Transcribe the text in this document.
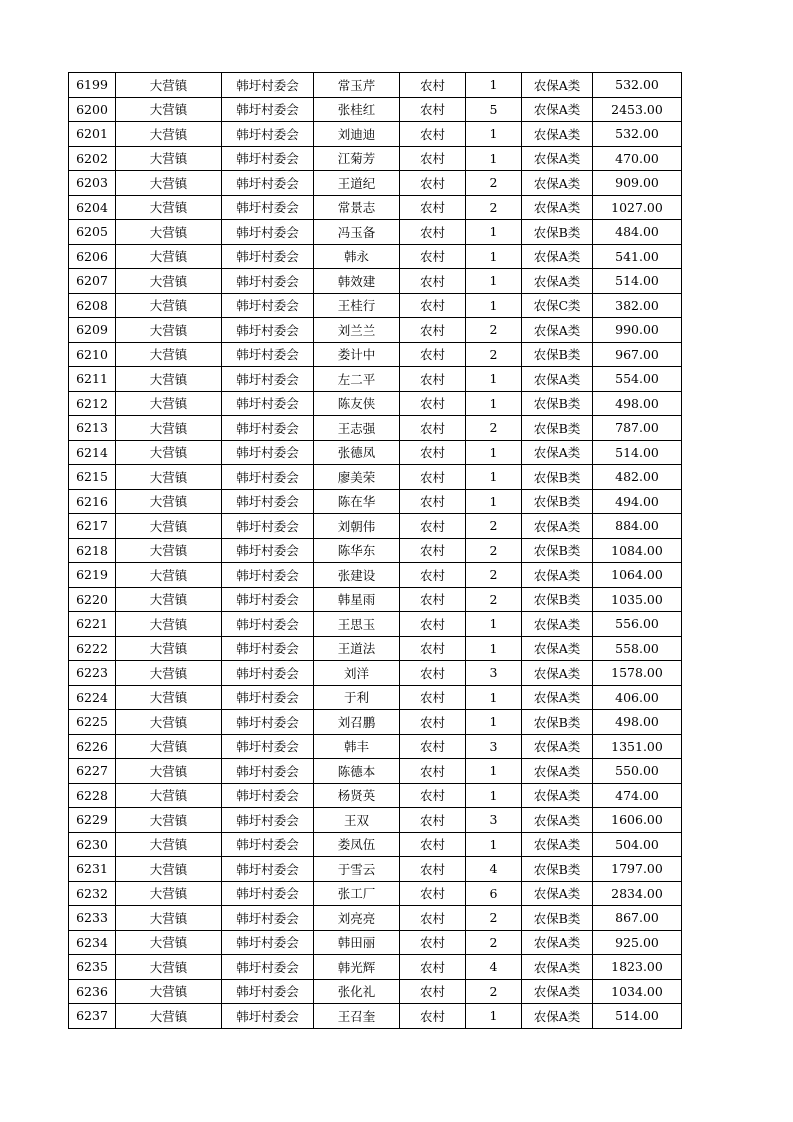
6199	大营镇	韩圩村委会	常玉芹	农村	1	农保A类	532.00
6200	大营镇	韩圩村委会	张桂红	农村	5	农保A类	2453.00
6201	大营镇	韩圩村委会	刘迪迪	农村	1	农保A类	532.00
6202	大营镇	韩圩村委会	江菊芳	农村	1	农保A类	470.00
6203	大营镇	韩圩村委会	王道纪	农村	2	农保A类	909.00
6204	大营镇	韩圩村委会	常景志	农村	2	农保A类	1027.00
6205	大营镇	韩圩村委会	冯玉备	农村	1	农保B类	484.00
6206	大营镇	韩圩村委会	韩永	农村	1	农保A类	541.00
6207	大营镇	韩圩村委会	韩效建	农村	1	农保A类	514.00
6208	大营镇	韩圩村委会	王桂行	农村	1	农保C类	382.00
6209	大营镇	韩圩村委会	刘兰兰	农村	2	农保A类	990.00
6210	大营镇	韩圩村委会	娄计中	农村	2	农保B类	967.00
6211	大营镇	韩圩村委会	左二平	农村	1	农保A类	554.00
6212	大营镇	韩圩村委会	陈友侠	农村	1	农保B类	498.00
6213	大营镇	韩圩村委会	王志强	农村	2	农保B类	787.00
6214	大营镇	韩圩村委会	张德凤	农村	1	农保A类	514.00
6215	大营镇	韩圩村委会	廖美荣	农村	1	农保B类	482.00
6216	大营镇	韩圩村委会	陈在华	农村	1	农保B类	494.00
6217	大营镇	韩圩村委会	刘朝伟	农村	2	农保A类	884.00
6218	大营镇	韩圩村委会	陈华东	农村	2	农保B类	1084.00
6219	大营镇	韩圩村委会	张建设	农村	2	农保A类	1064.00
6220	大营镇	韩圩村委会	韩星雨	农村	2	农保B类	1035.00
6221	大营镇	韩圩村委会	王思玉	农村	1	农保A类	556.00
6222	大营镇	韩圩村委会	王道法	农村	1	农保A类	558.00
6223	大营镇	韩圩村委会	刘洋	农村	3	农保A类	1578.00
6224	大营镇	韩圩村委会	于利	农村	1	农保A类	406.00
6225	大营镇	韩圩村委会	刘召鹏	农村	1	农保B类	498.00
6226	大营镇	韩圩村委会	韩丰	农村	3	农保A类	1351.00
6227	大营镇	韩圩村委会	陈德本	农村	1	农保A类	550.00
6228	大营镇	韩圩村委会	杨贤英	农村	1	农保A类	474.00
6229	大营镇	韩圩村委会	王双	农村	3	农保A类	1606.00
6230	大营镇	韩圩村委会	娄凤伍	农村	1	农保A类	504.00
6231	大营镇	韩圩村委会	于雪云	农村	4	农保B类	1797.00
6232	大营镇	韩圩村委会	张工厂	农村	6	农保A类	2834.00
6233	大营镇	韩圩村委会	刘亮亮	农村	2	农保B类	867.00
6234	大营镇	韩圩村委会	韩田丽	农村	2	农保A类	925.00
6235	大营镇	韩圩村委会	韩光辉	农村	4	农保A类	1823.00
6236	大营镇	韩圩村委会	张化礼	农村	2	农保A类	1034.00
6237	大营镇	韩圩村委会	王召奎	农村	1	农保A类	514.00
